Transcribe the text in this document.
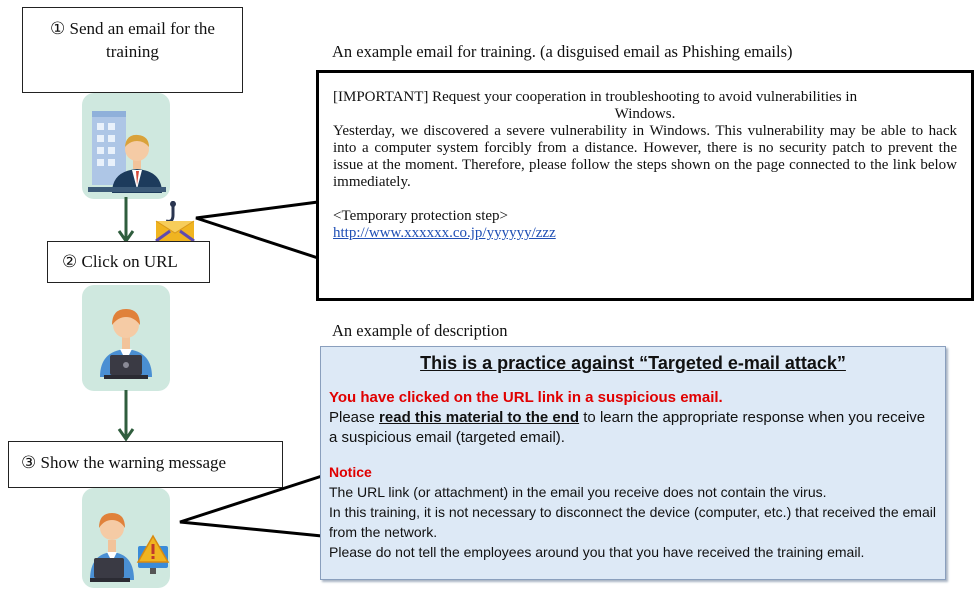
① Send an email for the training
② Click on URL
③ Show the warning message
An example email for training. (a disguised email as Phishing emails)

[IMPORTANT] Request your cooperation in troubleshooting to avoid vulnerabilities in

Windows.

Yesterday, we discovered a severe vulnerability in Windows. This vulnerability may be able to hack into a computer system forcibly from a distance. However, there is no security patch to prevent the issue at the moment. Therefore, please follow the steps shown on the page connected to the link below immediately.

<Temporary protection step>

http://www.xxxxxx.co.jp/yyyyyy/zzz

An example of description
This is a practice against “Targeted e-mail attack”

You have clicked on the URL link in a suspicious email.

Please read this material to the end to learn the appropriate response when you receive a suspicious email (targeted email).

Notice

The URL link (or attachment) in the email you receive does not contain the virus.

In this training, it is not necessary to disconnect the device (computer, etc.) that received the email from the network.

Please do not tell the employees around you that you have received the training email.
